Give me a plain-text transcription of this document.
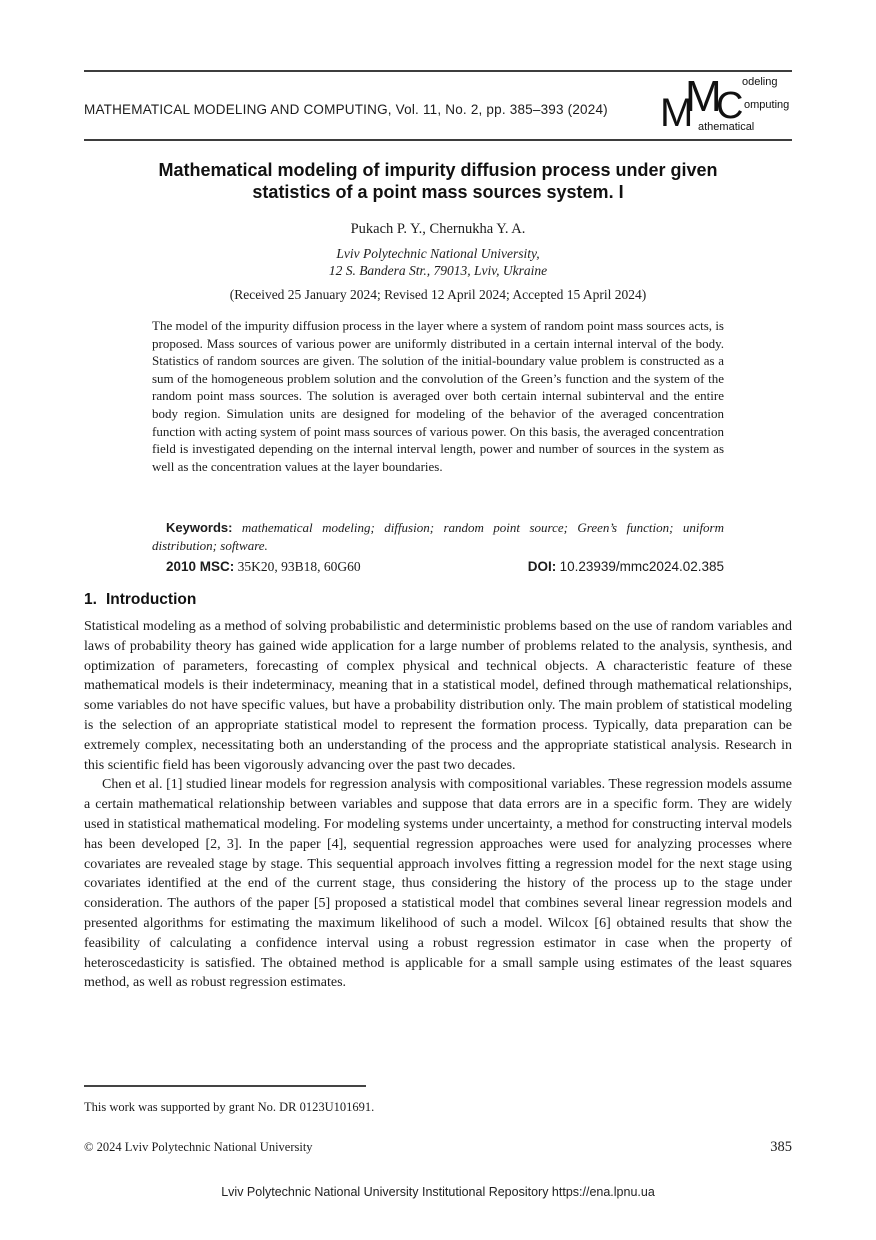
MATHEMATICAL MODELING AND COMPUTING, Vol. 11, No. 2, pp. 385–393 (2024) M
M
C
odeling
omputing
athematical
Mathematical modeling of impurity diffusion process under given
statistics of a point mass sources system. I
Pukach P. Y., Chernukha Y. A.
Lviv Polytechnic National University,
12 S. Bandera Str., 79013, Lviv, Ukraine
(Received 25 January 2024; Revised 12 April 2024; Accepted 15 April 2024)
The model of the impurity diffusion process in the layer where a system of random point mass sources acts, is proposed. Mass sources of various power are uniformly distributed in a certain internal interval of the body. Statistics of random sources are given. The solution of the initial-boundary value problem is constructed as a sum of the homogeneous problem solution and the convolution of the Green’s function and the system of the random point mass sources. The solution is averaged over both certain internal subinterval and the entire body region. Simulation units are designed for modeling of the behavior of the averaged concentration function with acting system of point mass sources of various power. On this basis, the averaged concentration field is investigated depending on the internal interval length, power and number of sources in the system as well as the concentration values at the layer boundaries.
Keywords: mathematical modeling; diffusion; random point source; Green’s function; uniform distribution; software.
2010 MSC: 35K20, 93B18, 60G60	DOI: 10.23939/mmc2024.02.385
1. Introduction

Statistical modeling as a method of solving probabilistic and deterministic problems based on the use of random variables and laws of probability theory has gained wide application for a large number of problems related to the analysis, synthesis, and optimization of parameters, forecasting of complex physical and technical objects. A characteristic feature of these mathematical models is their indeterminacy, meaning that in a statistical model, defined through mathematical relationships, some variables do not have specific values, but have a probability distribution only. The main problem of statistical modeling is the selection of an appropriate statistical model to represent the formation process. Typically, data preparation can be extremely complex, necessitating both an understanding of the process and the appropriate statistical analysis. Research in this scientific field has been vigorously advancing over the past two decades.

Chen et al. [1] studied linear models for regression analysis with compositional variables. These regression models assume a certain mathematical relationship between variables and suppose that data errors are in a specific form. They are widely used in statistical mathematical modeling. For modeling systems under uncertainty, a method for constructing interval models has been developed [2, 3]. In the paper [4], sequential regression approaches were used for analyzing processes where covariates are revealed stage by stage. This sequential approach involves fitting a regression model for the next stage using covariates identified at the end of the current stage, thus considering the history of the process up to the stage under consideration. The authors of the paper [5] proposed a statistical model that combines several linear regression models and presented algorithms for estimating the maximum likelihood of such a model. Wilcox [6] obtained results that show the feasibility of calculating a confidence interval using a robust regression estimator in case when the property of heteroscedasticity is satisfied. The obtained method is applicable for a small sample using estimates of the least squares method, as well as robust regression estimates.

This work was supported by grant No. DR 0123U101691.
© 2024 Lviv Polytechnic National University	385
Lviv Polytechnic National University Institutional Repository https://ena.lpnu.ua
